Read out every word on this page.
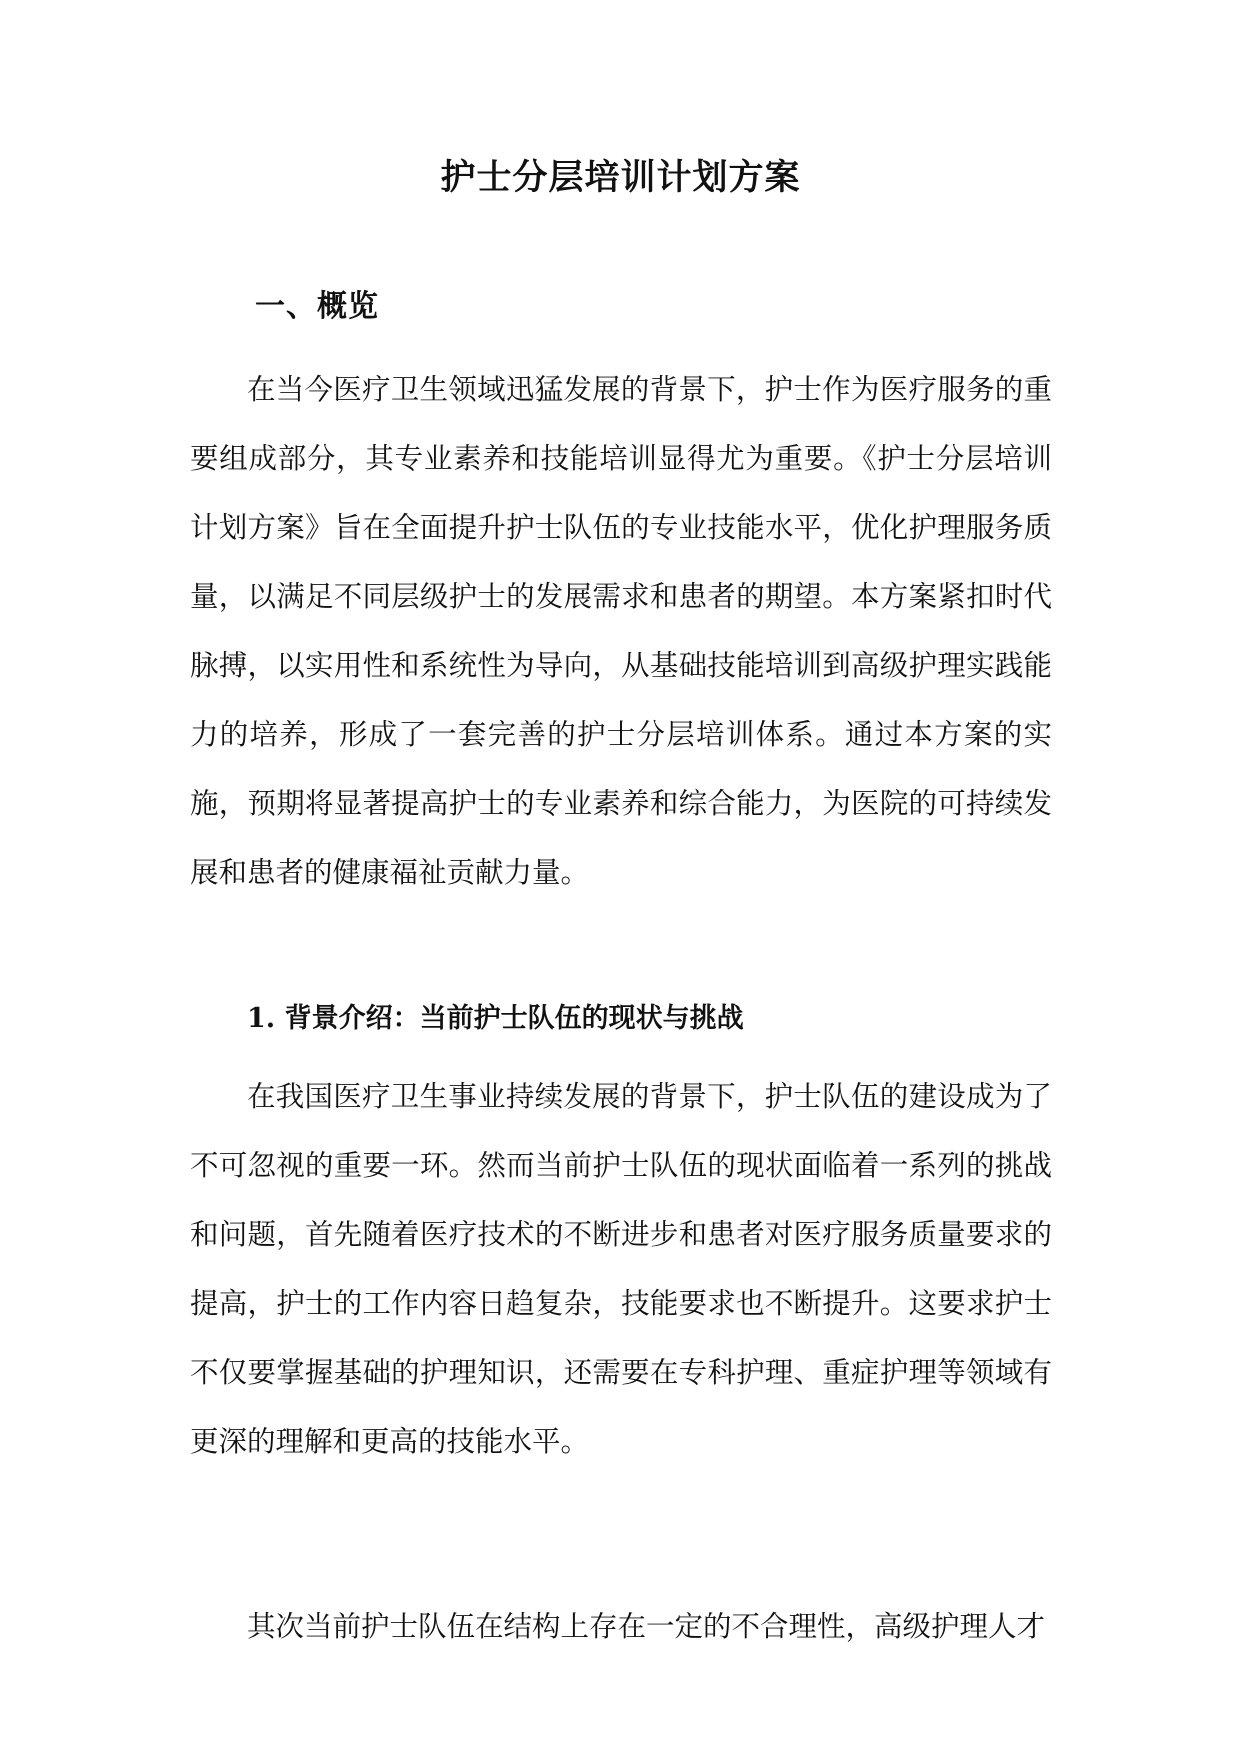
护士分层培训计划方案
一、概览

在当今医疗卫生领域迅猛发展的背景下，护士作为医疗服务的重要组成部分，其专业素养和技能培训显得尤为重要。《护士分层培训计划方案》旨在全面提升护士队伍的专业技能水平，优化护理服务质量，以满足不同层级护士的发展需求和患者的期望。本方案紧扣时代脉搏，以实用性和系统性为导向，从基础技能培训到高级护理实践能力的培养，形成了一套完善的护士分层培训体系。通过本方案的实施，预期将显著提高护士的专业素养和综合能力，为医院的可持续发展和患者的健康福祉贡献力量。

1. 背景介绍：当前护士队伍的现状与挑战

在我国医疗卫生事业持续发展的背景下，护士队伍的建设成为了不可忽视的重要一环。然而当前护士队伍的现状面临着一系列的挑战和问题，首先随着医疗技术的不断进步和患者对医疗服务质量要求的提高，护士的工作内容日趋复杂，技能要求也不断提升。这要求护士不仅要掌握基础的护理知识，还需要在专科护理、重症护理等领域有更深的理解和更高的技能水平。

其次当前护士队伍在结构上存在一定的不合理性，高级护理人才
